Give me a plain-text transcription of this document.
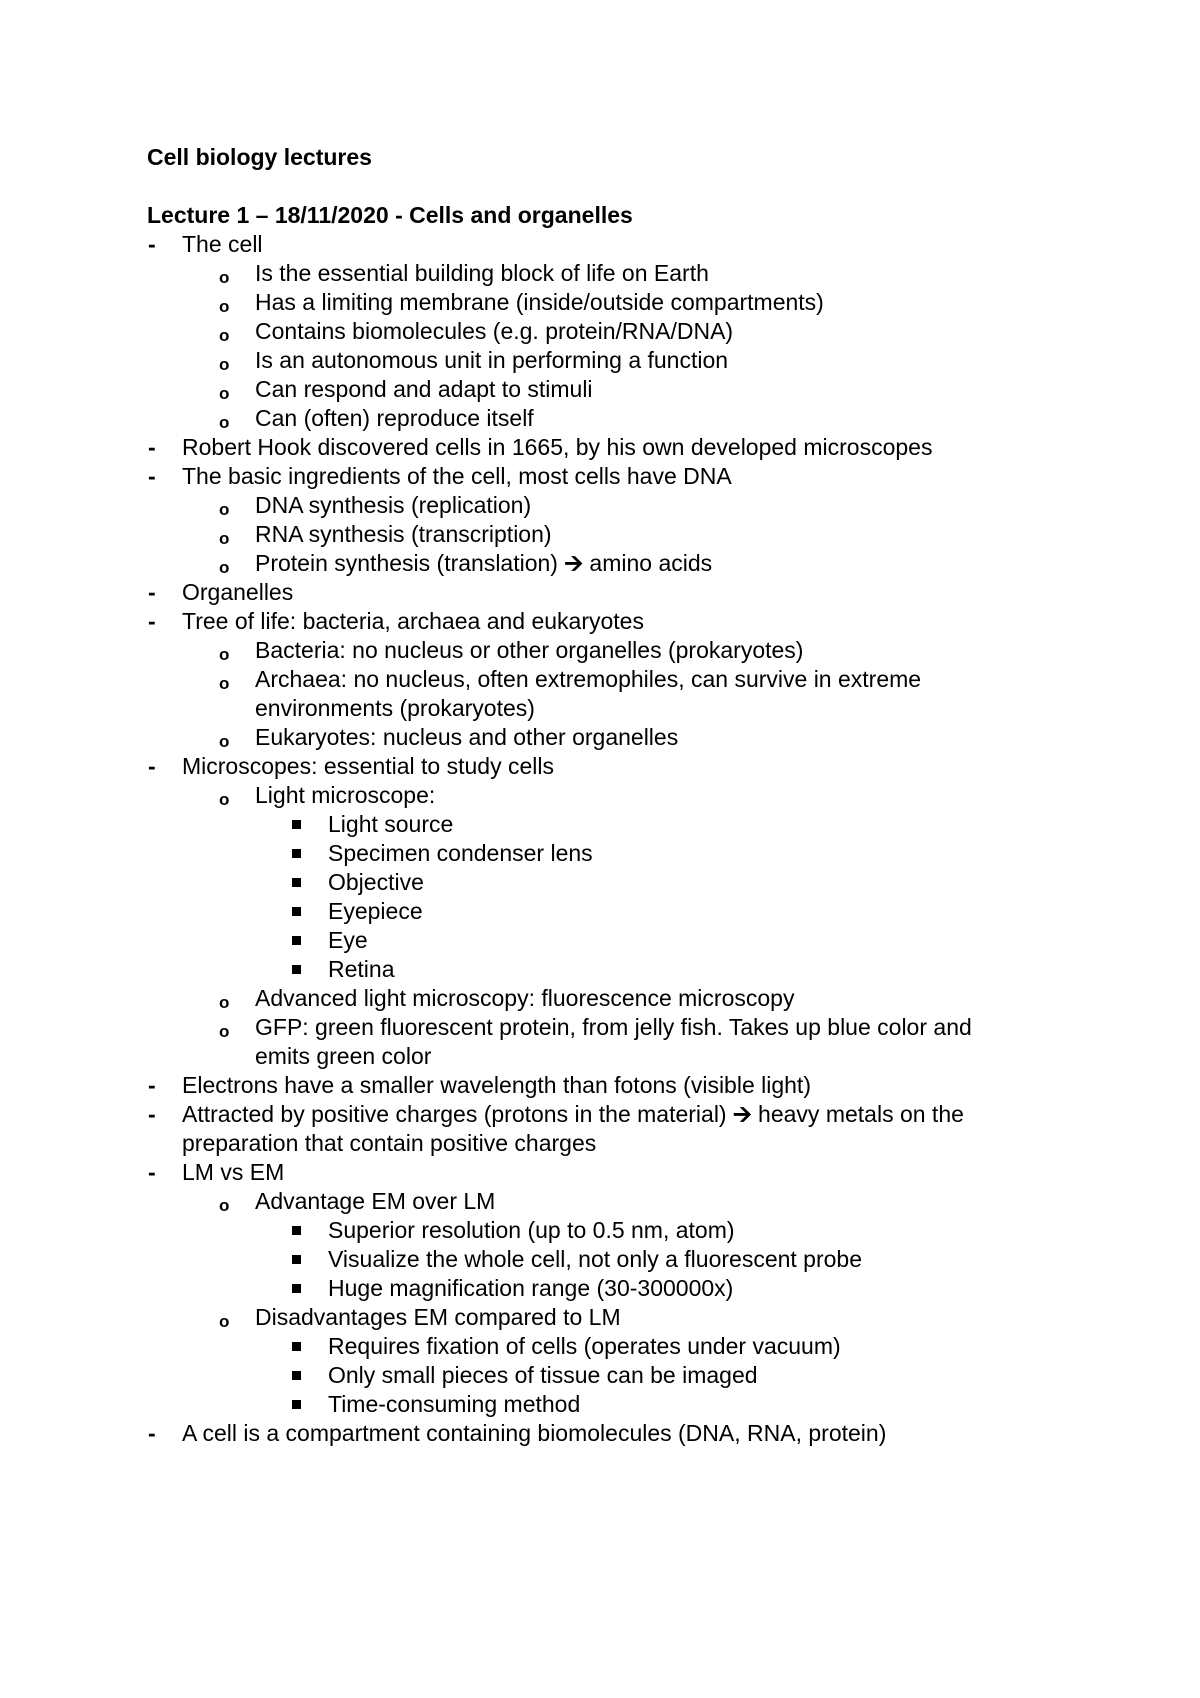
Cell biology lectures
Lecture 1 – 18/11/2020 - Cells and organelles
- The cell
o Is the essential building block of life on Earth
o Has a limiting membrane (inside/outside compartments)
o Contains biomolecules (e.g. protein/RNA/DNA)
o Is an autonomous unit in performing a function
o Can respond and adapt to stimuli
o Can (often) reproduce itself
- Robert Hook discovered cells in 1665, by his own developed microscopes
- The basic ingredients of the cell, most cells have DNA
o DNA synthesis (replication)
o RNA synthesis (transcription)
o Protein synthesis (translation) 🡪 amino acids
- Organelles
- Tree of life: bacteria, archaea and eukaryotes
o Bacteria: no nucleus or other organelles (prokaryotes)
o Archaea: no nucleus, often extremophiles, can survive in extreme
environments (prokaryotes)
o Eukaryotes: nucleus and other organelles
- Microscopes: essential to study cells
o Light microscope:
Light source
Specimen condenser lens
Objective
Eyepiece
Eye
Retina
o Advanced light microscopy: fluorescence microscopy
o GFP: green fluorescent protein, from jelly fish. Takes up blue color and
emits green color
- Electrons have a smaller wavelength than fotons (visible light)
- Attracted by positive charges (protons in the material) 🡪 heavy metals on the
preparation that contain positive charges
- LM vs EM
o Advantage EM over LM
Superior resolution (up to 0.5 nm, atom)
Visualize the whole cell, not only a fluorescent probe
Huge magnification range (30-300000x)
o Disadvantages EM compared to LM
Requires fixation of cells (operates under vacuum)
Only small pieces of tissue can be imaged
Time-consuming method
- A cell is a compartment containing biomolecules (DNA, RNA, protein)
